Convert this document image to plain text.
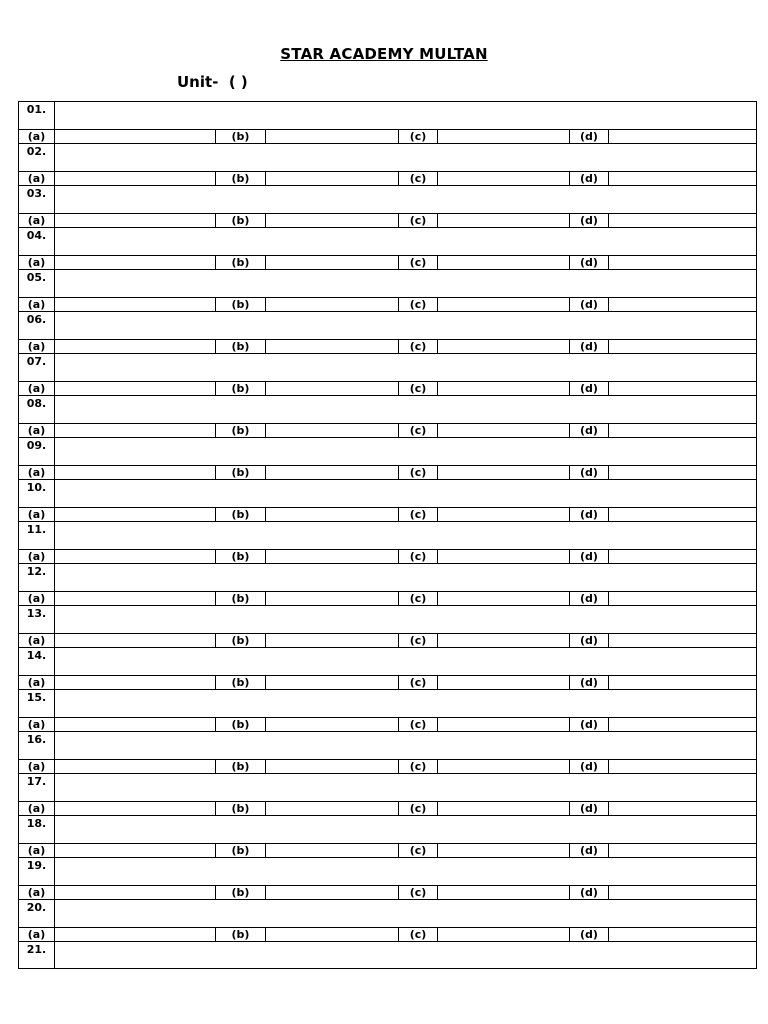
STAR ACADEMY MULTAN
Unit-  ( )
01.
(a)	(b)	(c)	(d)
02.
(a)	(b)	(c)	(d)
03.
(a)	(b)	(c)	(d)
04.
(a)	(b)	(c)	(d)
05.
(a)	(b)	(c)	(d)
06.
(a)	(b)	(c)	(d)
07.
(a)	(b)	(c)	(d)
08.
(a)	(b)	(c)	(d)
09.
(a)	(b)	(c)	(d)
10.
(a)	(b)	(c)	(d)
11.
(a)	(b)	(c)	(d)
12.
(a)	(b)	(c)	(d)
13.
(a)	(b)	(c)	(d)
14.
(a)	(b)	(c)	(d)
15.
(a)	(b)	(c)	(d)
16.
(a)	(b)	(c)	(d)
17.
(a)	(b)	(c)	(d)
18.
(a)	(b)	(c)	(d)
19.
(a)	(b)	(c)	(d)
20.
(a)	(b)	(c)	(d)
21.
